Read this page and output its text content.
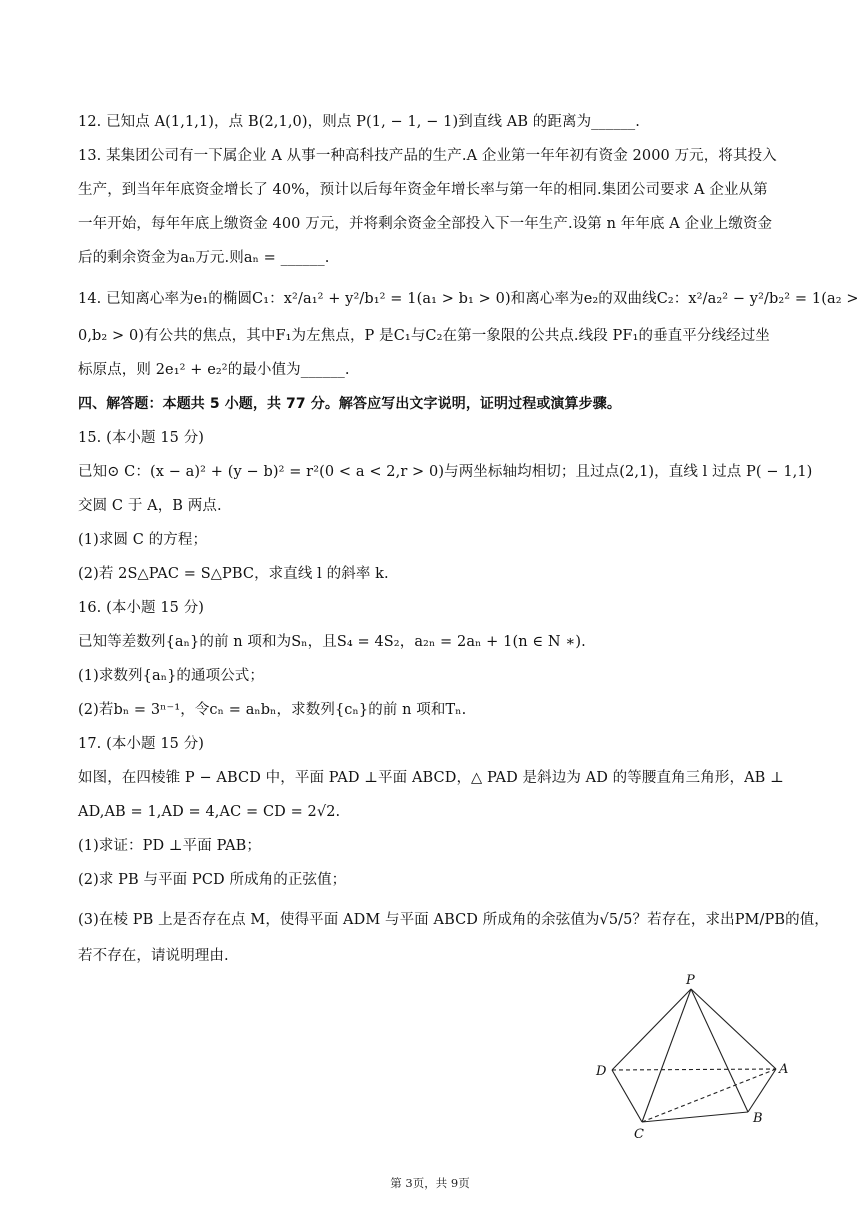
12. 已知点 A(1,1,1)，点 B(2,1,0)，则点 P(1, − 1, − 1)到直线 AB 的距离为______.
13. 某集团公司有一下属企业 A 从事一种高科技产品的生产.A 企业第一年年初有资金 2000 万元，将其投入
生产，到当年年底资金增长了 40%，预计以后每年资金年增长率与第一年的相同.集团公司要求 A 企业从第
一年开始，每年年底上缴资金 400 万元，并将剩余资金全部投入下一年生产.设第 n 年年底 A 企业上缴资金
后的剩余资金为aₙ万元.则aₙ = ______.
14. 已知离心率为e₁的椭圆C₁：x²/a₁² + y²/b₁² = 1(a₁ > b₁ > 0)和离心率为e₂的双曲线C₂：x²/a₂² − y²/b₂² = 1(a₂ >
0,b₂ > 0)有公共的焦点，其中F₁为左焦点，P 是C₁与C₂在第一象限的公共点.线段 PF₁的垂直平分线经过坐
标原点，则 2e₁² + e₂²的最小值为______.
四、解答题：本题共 5 小题，共 77 分。解答应写出文字说明，证明过程或演算步骤。
15. (本小题 15 分)
已知⊙ C：(x − a)² + (y − b)² = r²(0 < a < 2,r > 0)与两坐标轴均相切；且过点(2,1)，直线 l 过点 P( − 1,1)
交圆 C 于 A，B 两点.
(1)求圆 C 的方程；
(2)若 2S△PAC = S△PBC，求直线 l 的斜率 k.
16. (本小题 15 分)
已知等差数列{aₙ}的前 n 项和为Sₙ，且S₄ = 4S₂，a₂ₙ = 2aₙ + 1(n ∈ N ∗).
(1)求数列{aₙ}的通项公式；
(2)若bₙ = 3ⁿ⁻¹，令cₙ = aₙbₙ，求数列{cₙ}的前 n 项和Tₙ.
17. (本小题 15 分)
如图，在四棱锥 P − ABCD 中，平面 PAD ⊥平面 ABCD，△ PAD 是斜边为 AD 的等腰直角三角形，AB ⊥
AD,AB = 1,AD = 4,AC = CD = 2√2.
(1)求证：PD ⊥平面 PAB；
(2)求 PB 与平面 PCD 所成角的正弦值；
(3)在棱 PB 上是否存在点 M，使得平面 ADM 与平面 ABCD 所成角的余弦值为√5/5？若存在，求出PM/PB的值，
若不存在，请说明理由.
P
D	A
B
C
第 3页，共 9页
